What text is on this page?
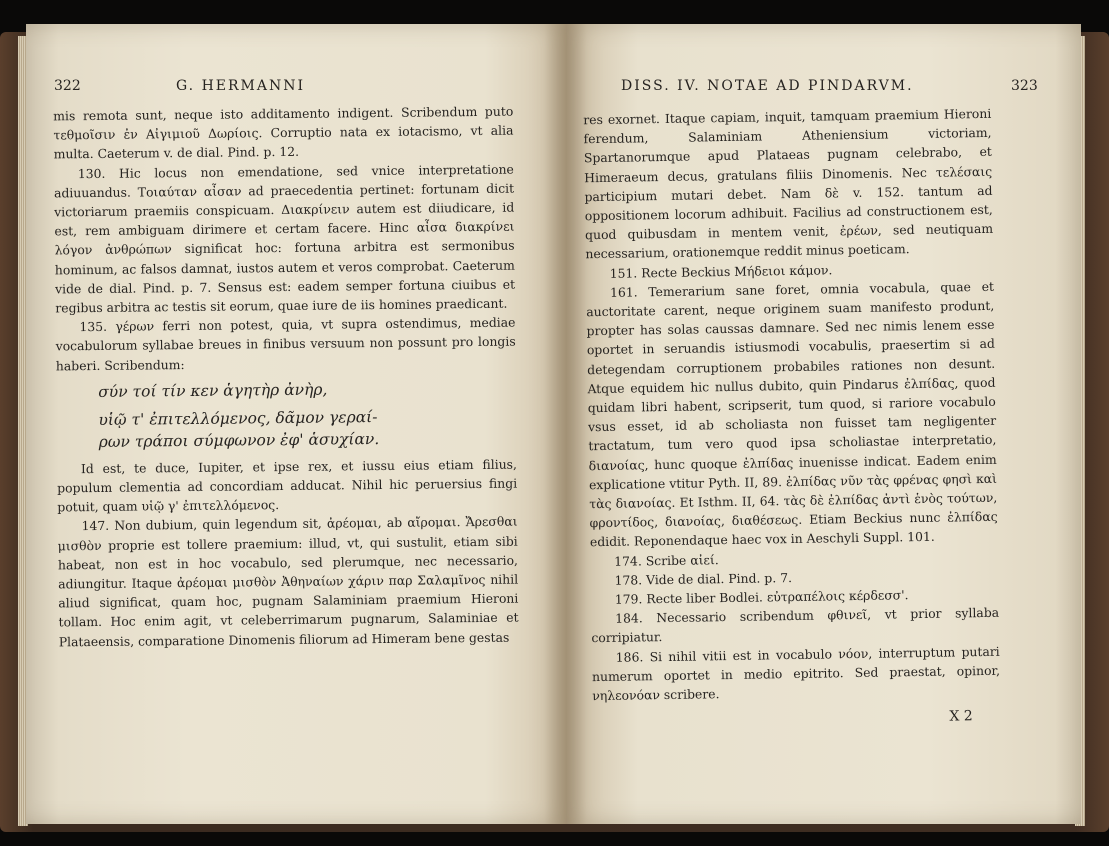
322	G. HERMANNI

mis remota sunt, neque isto additamento indigent. Scribendum puto τεθμοῖσιν ἐν Αἰγιμιοῦ Δωρίοις. Corruptio nata ex iotacismo, vt alia multa. Caeterum v. de dial. Pind. p. 12.

130. Hic locus non emendatione, sed vnice interpretatione adiuuandus. Τοιαύταν αἶσαν ad praecedentia pertinet: fortunam dicit victoriarum praemiis conspicuam. Διακρίνειν autem est diiudicare, id est, rem ambiguam dirimere et certam facere. Hinc αἶσα διακρίνει λόγον ἀνθρώπων significat hoc: fortuna arbitra est sermonibus hominum, ac falsos damnat, iustos autem et veros comprobat. Caeterum vide de dial. Pind. p. 7. Sensus est: eadem semper fortuna ciuibus et regibus arbitra ac testis sit eorum, quae iure de iis homines praedicant.

135. γέρων ferri non potest, quia, vt supra ostendimus, mediae vocabulorum syllabae breues in finibus versuum non possunt pro longis haberi. Scribendum:

σύν τοί τίν κεν ἁγητὴρ ἀνὴρ,

υἱῷ τ' ἐπιτελλόμενος, δᾶμον γεραί-

ρων τράποι σύμφωνον ἐφ' ἁσυχίαν.

Id est, te duce, Iupiter, et ipse rex, et iussu eius etiam filius, populum clementia ad concordiam adducat. Nihil hic peruersius fingi potuit, quam υἱῷ γ' ἐπιτελλόμενος.

147. Non dubium, quin legendum sit, ἀρέομαι, ab αἴρομαι. Ἄρεσθαι μισθὸν proprie est tollere praemium: illud, vt, qui sustulit, etiam sibi habeat, non est in hoc vocabulo, sed plerumque, nec necessario, adiungitur. Itaque ἀρέομαι μισθὸν Ἀθηναίων χάριν παρ Σαλαμῖνος nihil aliud significat, quam hoc, pugnam Salaminiam praemium Hieroni tollam. Hoc enim agit, vt celeberrimarum pugnarum, Salaminiae et Plataeensis, comparatione Dinomenis filiorum ad Himeram bene gestas

DISS. IV. NOTAE AD PINDARVM.	323

res exornet. Itaque capiam, inquit, tamquam praemium Hieroni ferendum, Salaminiam Atheniensium victoriam, Spartanorumque apud Plataeas pugnam celebrabo, et Himeraeum decus, gratulans filiis Dinomenis. Nec τελέσαις participium mutari debet. Nam δὲ v. 152. tantum ad oppositionem locorum adhibuit. Facilius ad constructionem est, quod quibusdam in mentem venit, ἐρέων, sed neutiquam necessarium, orationemque reddit minus poeticam.

151. Recte Beckius Μήδειοι κάμον.

161. Temerarium sane foret, omnia vocabula, quae et auctoritate carent, neque originem suam manifesto produnt, propter has solas caussas damnare. Sed nec nimis lenem esse oportet in seruandis istiusmodi vocabulis, praesertim si ad detegendam corruptionem probabiles rationes non desunt. Atque equidem hic nullus dubito, quin Pindarus ἐλπίδας, quod quidam libri habent, scripserit, tum quod, si rariore vocabulo vsus esset, id ab scholiasta non fuisset tam negligenter tractatum, tum vero quod ipsa scholiastae interpretatio, διανοίας, hunc quoque ἐλπίδας inuenisse indicat. Eadem enim explicatione vtitur Pyth. II, 89. ἐλπίδας νῦν τὰς φρένας φησὶ καὶ τὰς διανοίας. Et Isthm. II, 64. τὰς δὲ ἐλπίδας ἀντὶ ἑνὸς τούτων, φροντίδος, διανοίας, διαθέσεως. Etiam Beckius nunc ἐλπίδας edidit. Reponendaque haec vox in Aeschyli Suppl. 101.

174. Scribe αἰεί.

178. Vide de dial. Pind. p. 7.

179. Recte liber Bodlei. εὐτραπέλοις κέρδεσσ'.

184. Necessario scribendum φθινεῖ, vt prior syllaba corripiatur.

186. Si nihil vitii est in vocabulo νόον, interruptum putari numerum oportet in medio epitrito. Sed praestat, opinor, νηλεονόαν scribere.

X 2
